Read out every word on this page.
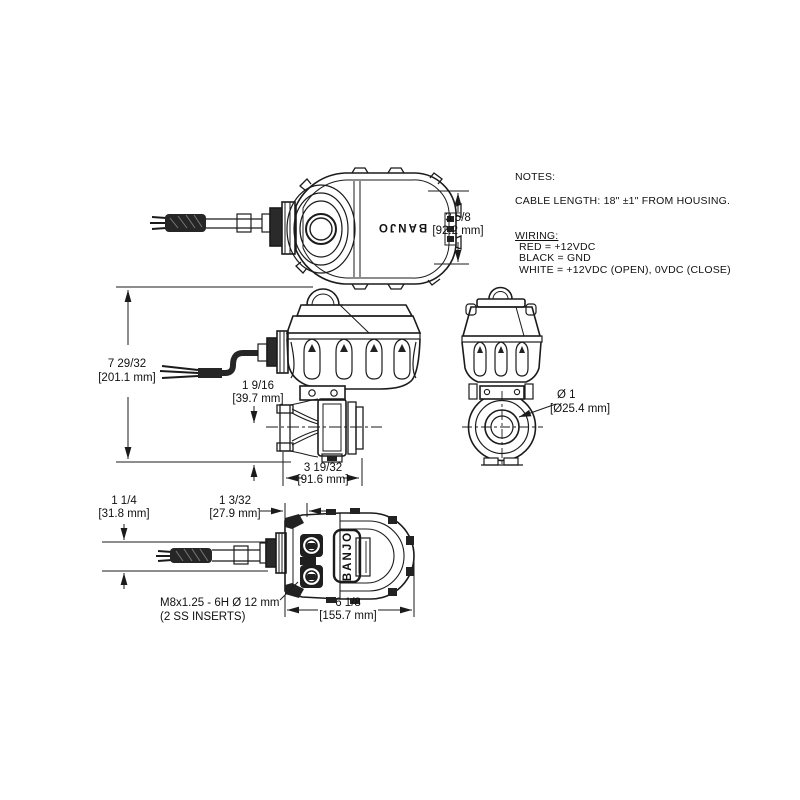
BANJO
3 5/8
[92.2 mm]
7 29/32
[201.1 mm]
1 9/16
[39.7 mm]
3 19/32
[91.6 mm]
Ø 1
[Ø25.4 mm]
BANJO
1 1/4
[31.8 mm]
1 3/32
[27.9 mm]
6 1/8
[155.7 mm]
M8x1.25 - 6H Ø 12 mm
(2 SS INSERTS)
NOTES:
CABLE LENGTH: 18" ±1" FROM HOUSING.
WIRING:
RED = +12VDC
BLACK = GND
WHITE = +12VDC (OPEN), 0VDC (CLOSE)
